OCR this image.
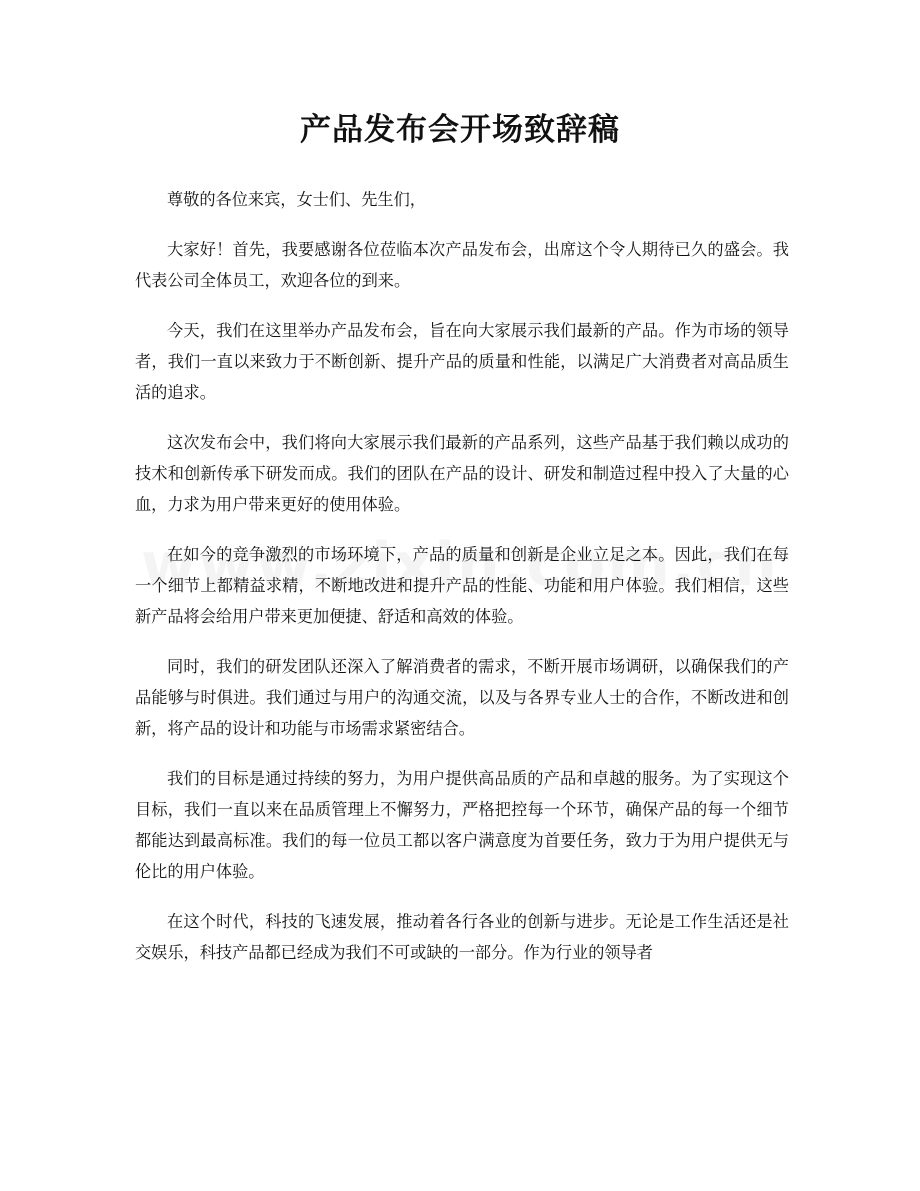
产品发布会开场致辞稿

尊敬的各位来宾，女士们、先生们，

大家好！首先，我要感谢各位莅临本次产品发布会，出席这个令人期待已久的盛会。我代表公司全体员工，欢迎各位的到来。

今天，我们在这里举办产品发布会，旨在向大家展示我们最新的产品。作为市场的领导者，我们一直以来致力于不断创新、提升产品的质量和性能，以满足广大消费者对高品质生活的追求。

这次发布会中，我们将向大家展示我们最新的产品系列，这些产品基于我们赖以成功的技术和创新传承下研发而成。我们的团队在产品的设计、研发和制造过程中投入了大量的心血，力求为用户带来更好的使用体验。

在如今的竞争激烈的市场环境下，产品的质量和创新是企业立足之本。因此，我们在每一个细节上都精益求精，不断地改进和提升产品的性能、功能和用户体验。我们相信，这些新产品将会给用户带来更加便捷、舒适和高效的体验。

同时，我们的研发团队还深入了解消费者的需求，不断开展市场调研，以确保我们的产品能够与时俱进。我们通过与用户的沟通交流，以及与各界专业人士的合作，不断改进和创新，将产品的设计和功能与市场需求紧密结合。

我们的目标是通过持续的努力，为用户提供高品质的产品和卓越的服务。为了实现这个目标，我们一直以来在品质管理上不懈努力，严格把控每一个环节，确保产品的每一个细节都能达到最高标准。我们的每一位员工都以客户满意度为首要任务，致力于为用户提供无与伦比的用户体验。

在这个时代，科技的飞速发展，推动着各行各业的创新与进步。无论是工作生活还是社交娱乐，科技产品都已经成为我们不可或缺的一部分。作为行业的领导者
